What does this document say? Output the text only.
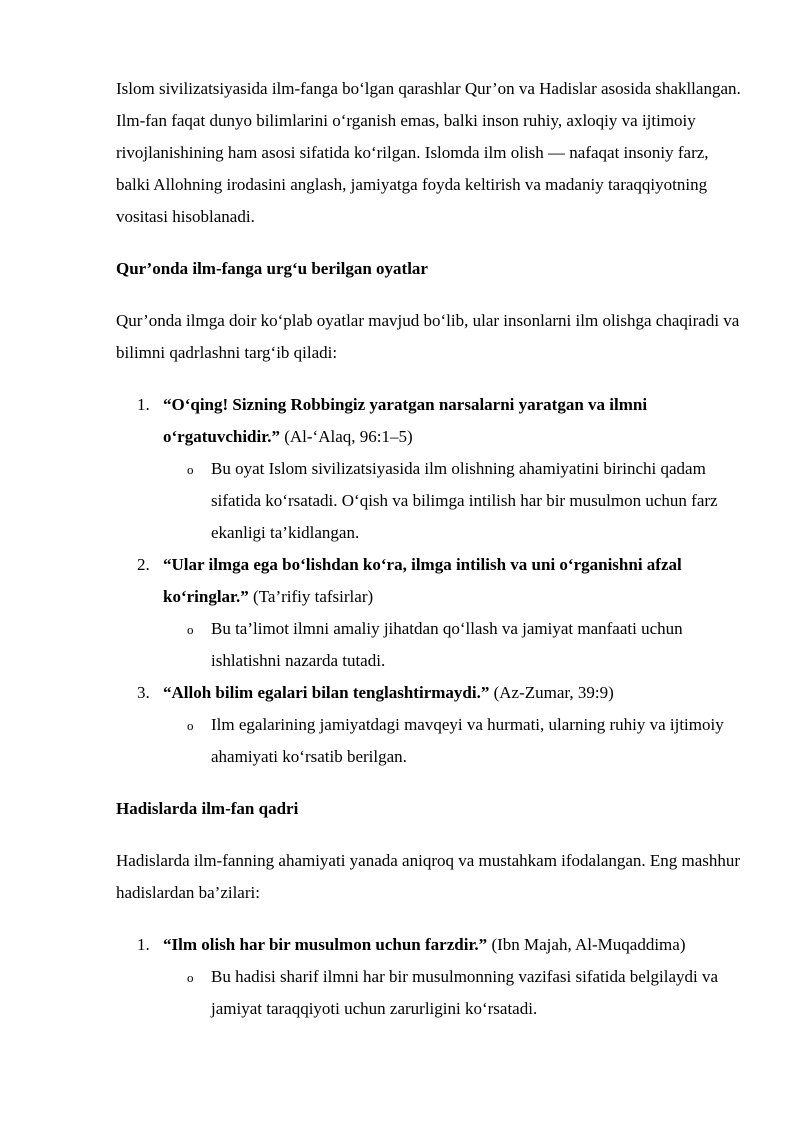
Islom sivilizatsiyasida ilm-fanga bo‘lgan qarashlar Qur’on va Hadislar asosida shakllangan. Ilm-fan faqat dunyo bilimlarini o‘rganish emas, balki inson ruhiy, axloqiy va ijtimoiy rivojlanishining ham asosi sifatida ko‘rilgan. Islomda ilm olish — nafaqat insoniy farz, balki Allohning irodasini anglash, jamiyatga foyda keltirish va madaniy taraqqiyotning vositasi hisoblanadi.

Qur’onda ilm-fanga urg‘u berilgan oyatlar

Qur’onda ilmga doir ko‘plab oyatlar mavjud bo‘lib, ular insonlarni ilm olishga chaqiradi va bilimni qadrlashni targ‘ib qiladi:

1. “O‘qing! Sizning Robbingiz yaratgan narsalarni yaratgan va ilmni o‘rgatuvchidir.” (Al-‘Alaq, 96:1–5)
o Bu oyat Islom sivilizatsiyasida ilm olishning ahamiyatini birinchi qadam sifatida ko‘rsatadi. O‘qish va bilimga intilish har bir musulmon uchun farz ekanligi ta’kidlangan.
2. “Ular ilmga ega bo‘lishdan ko‘ra, ilmga intilish va uni o‘rganishni afzal ko‘ringlar.” (Ta’rifiy tafsirlar)
o Bu ta’limot ilmni amaliy jihatdan qo‘llash va jamiyat manfaati uchun ishlatishni nazarda tutadi.
3. “Alloh bilim egalari bilan tenglashtirmaydi.” (Az-Zumar, 39:9)
o Ilm egalarining jamiyatdagi mavqeyi va hurmati, ularning ruhiy va ijtimoiy ahamiyati ko‘rsatib berilgan.

Hadislarda ilm-fan qadri

Hadislarda ilm-fanning ahamiyati yanada aniqroq va mustahkam ifodalangan. Eng mashhur hadislardan ba’zilari:

1. “Ilm olish har bir musulmon uchun farzdir.” (Ibn Majah, Al-Muqaddima)
o Bu hadisi sharif ilmni har bir musulmonning vazifasi sifatida belgilaydi va jamiyat taraqqiyoti uchun zarurligini ko‘rsatadi.
